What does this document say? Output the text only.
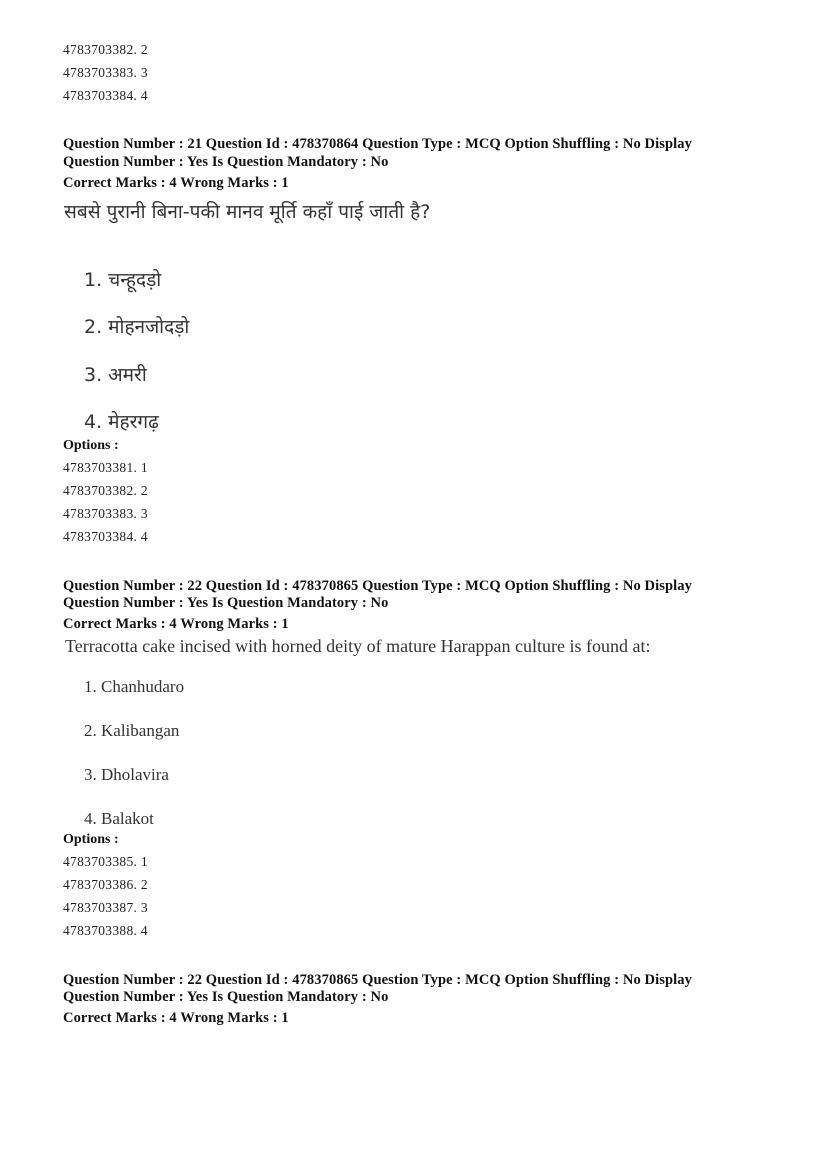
4783703382. 2
4783703383. 3
4783703384. 4
Question Number : 21 Question Id : 478370864 Question Type : MCQ Option Shuffling : No Display
Question Number : Yes Is Question Mandatory : No
Correct Marks : 4 Wrong Marks : 1
सबसे पुरानी बिना-पकी मानव मूर्ति कहाँ पाई जाती है?
1. चन्हूदड़ो
2. मोहनजोदड़ो
3. अमरी
4. मेहरगढ़
Options :
4783703381. 1
4783703382. 2
4783703383. 3
4783703384. 4
Question Number : 22 Question Id : 478370865 Question Type : MCQ Option Shuffling : No Display
Question Number : Yes Is Question Mandatory : No
Correct Marks : 4 Wrong Marks : 1
Terracotta cake incised with horned deity of mature Harappan culture is found at:
1. Chanhudaro
2. Kalibangan
3. Dholavira
4. Balakot
Options :
4783703385. 1
4783703386. 2
4783703387. 3
4783703388. 4
Question Number : 22 Question Id : 478370865 Question Type : MCQ Option Shuffling : No Display
Question Number : Yes Is Question Mandatory : No
Correct Marks : 4 Wrong Marks : 1
